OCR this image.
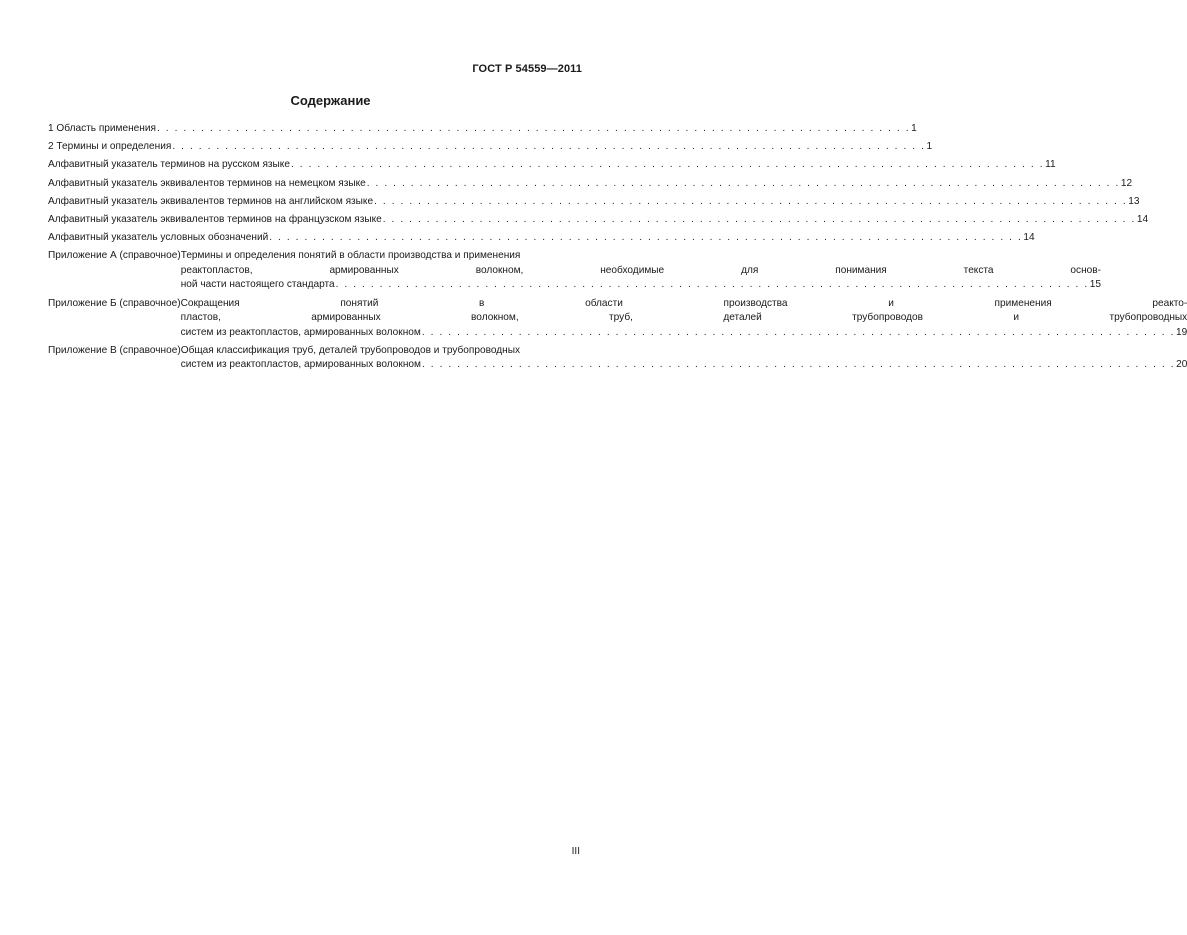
ГОСТ Р 54559—2011
Содержание
1 Область применения . . . . . . . . . . . . . . . . . . . . . . . . . . . . . . . . . . . . . . . . . . . . . . . . . . . . . . . . . . . . . . . . . . . . . . . . . . . . . . . . . . . . . . 1
2 Термины и определения . . . . . . . . . . . . . . . . . . . . . . . . . . . . . . . . . . . . . . . . . . . . . . . . . . . . . . . . . . . . . . . . . . . . . . . . . . . . . . . . . . . . . . 1
Алфавитный указатель терминов на русском языке . . . . . . . . . . . . . . . . . . . . . . . . . . . . . . . . . . . . . . . . . . . . . . . . . . . . . . . . . . . . . . . . . . . . . . . . . . . . . . . . . . . . . . 11
Алфавитный указатель эквивалентов терминов на немецком языке . . . . . . . . . . . . . . . . . . . . . . . . . . . . . . . . . . . . . . . . . . . . . . . . . . . . . . . . . . . . . . . . . . . . . . . . . . . . . . . . . . . . . . 12
Алфавитный указатель эквивалентов терминов на английском языке . . . . . . . . . . . . . . . . . . . . . . . . . . . . . . . . . . . . . . . . . . . . . . . . . . . . . . . . . . . . . . . . . . . . . . . . . . . . . . . . . . . . . . 13
Алфавитный указатель эквивалентов терминов на французском языке . . . . . . . . . . . . . . . . . . . . . . . . . . . . . . . . . . . . . . . . . . . . . . . . . . . . . . . . . . . . . . . . . . . . . . . . . . . . . . . . . . . . . . 14
Алфавитный указатель условных обозначений . . . . . . . . . . . . . . . . . . . . . . . . . . . . . . . . . . . . . . . . . . . . . . . . . . . . . . . . . . . . . . . . . . . . . . . . . . . . . . . . . . . . . . 14
Приложение А (справочное) Термины и определения понятий в области производства и применения
реактопластов, армированных волокном, необходимые для понимания текста основ-
ной части настоящего стандарта . . . . . . . . . . . . . . . . . . . . . . . . . . . . . . . . . . . . . . . . . . . . . . . . . . . . . . . . . . . . . . . . . . . . . . . . . . . . . . . . . . . . . . 15
Приложение Б (справочное) Сокращения понятий в области производства и применения реакто-
пластов, армированных волокном, труб, деталей трубопроводов и трубопроводных
систем из реактопластов, армированных волокном . . . . . . . . . . . . . . . . . . . . . . . . . . . . . . . . . . . . . . . . . . . . . . . . . . . . . . . . . . . . . . . . . . . . . . . . . . . . . . . . . . . . . . 19
Приложение В (справочное) Общая классификация труб, деталей трубопроводов и трубопроводных
систем из реактопластов, армированных волокном . . . . . . . . . . . . . . . . . . . . . . . . . . . . . . . . . . . . . . . . . . . . . . . . . . . . . . . . . . . . . . . . . . . . . . . . . . . . . . . . . . . . . . 20
III
